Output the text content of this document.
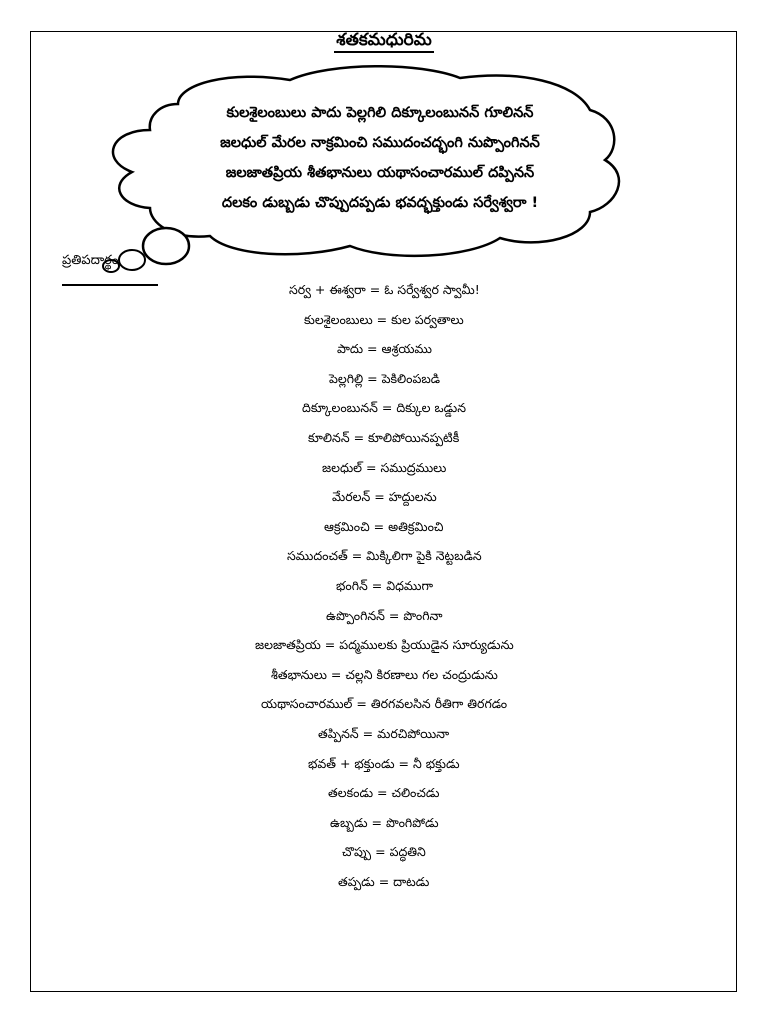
శతకమధురిమ
కులశైలంబులు పాదు పెల్లగిలి దిక్కూలంబునన్ గూలినన్
జలధుల్ మేరల నాక్రమించి సముదంచద్భంగి నుప్పొంగినన్
జలజాతప్రియ శీతభానులు యథాసంచారముల్ దప్పినన్
దలకం డుబ్బడు చొప్పుదప్పడు భవద్భక్తుండు సర్వేశ్వరా !
ప్రతిపదార్థం
సర్వ + ఈశ్వరా = ఓ సర్వేశ్వర స్వామీ!
కులశైలంబులు = కుల పర్వతాలు
పాదు = ఆశ్రయము
పెల్లగిల్లి = పెకిలింపబడి
దిక్కూలంబునన్ = దిక్కుల ఒడ్డున
కూలినన్ = కూలిపోయినప్పటికీ
జలధుల్ = సముద్రములు
మేరలన్ = హద్దులను
ఆక్రమించి = అతిక్రమించి
సముదంచత్ = మిక్కిలిగా పైకి నెట్టబడిన
భంగిన్ = విధముగా
ఉప్పొంగినన్ = పొంగినా
జలజాతప్రియ = పద్మములకు ప్రియుడైన సూర్యుడును
శీతభానులు = చల్లని కిరణాలు గల చంద్రుడును
యథాసంచారముల్ = తిరగవలసిన రీతిగా తిరగడం
తప్పినన్ = మరచిపోయినా
భవత్ + భక్తుండు = నీ భక్తుడు
తలకండు = చలించడు
ఉబ్బడు = పొంగిపోడు
చొప్పు = పద్ధతిని
తప్పడు = దాటడు
